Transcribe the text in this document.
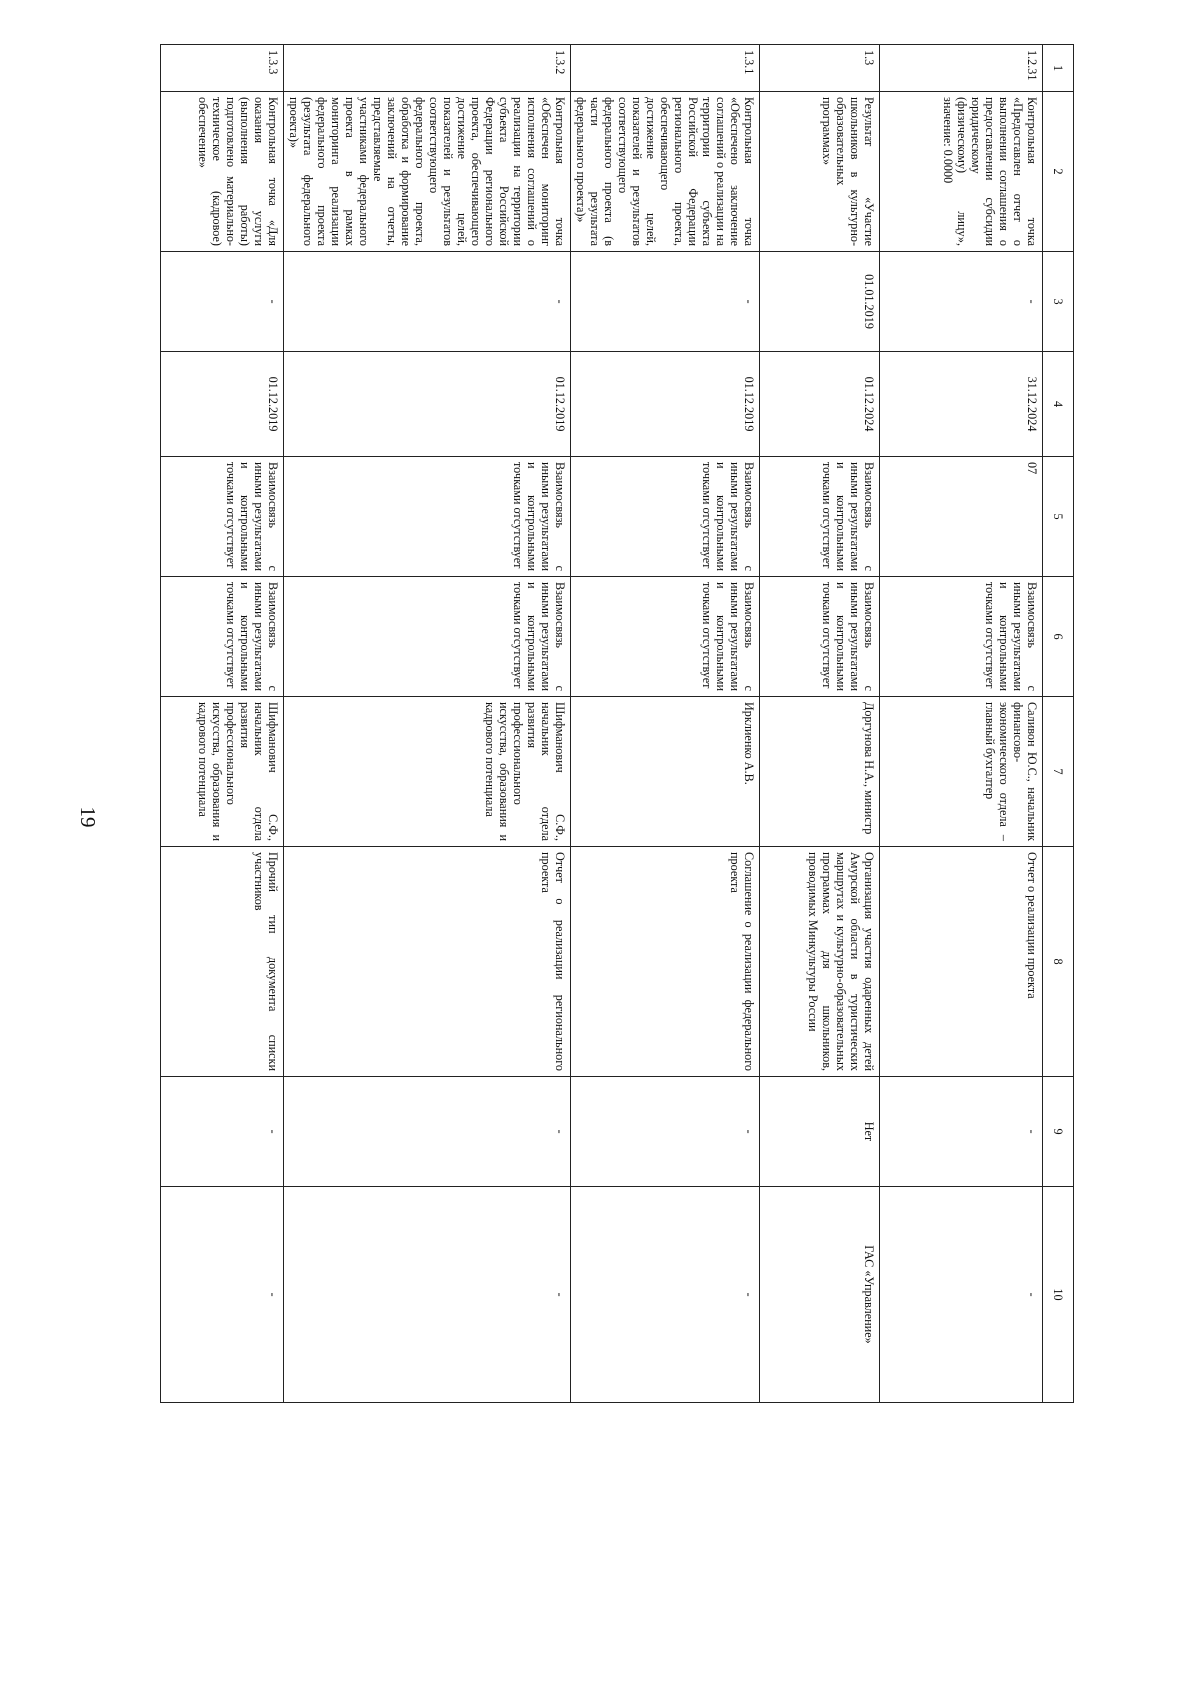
19
1	2	3	4	5	6	7	8	9	10
1.2.31	Контрольная точка «Предоставлен отчет о выполнении соглашения о предоставлении субсидии юридическому (физическому) лицу», значение: 0.0000	-	31.12.2024	07	Взаимосвязь с иными результатами и контрольными точками отсутствует	Саливон Ю.С., начальник финансово-экономического отдела – главный бухгалтер	Отчет о реализации проекта	-	-
1.3	Результат «Участие школьников в культурно-образовательных программах»	01.01.2019	01.12.2024	Взаимосвязь с иными результатами и контрольными точками отсутствует	Взаимосвязь с иными результатами и контрольными точками отсутствует	Доргунова Н.А., министр	Организация участия одаренных детей Амурской области в туристических маршрутах и культурно-образовательных программах для школьников, проводимых Минкультуры России	Нет	ГАС «Управление»
1.3.1	Контрольная точка «Обеспечено заключение соглашений о реализации на территории субъекта Российской Федерации регионального проекта, обеспечивающего достижение целей, показателей и результатов соответствующего федерального проекта (в части результата федерального проекта)»	-	01.12.2019	Взаимосвязь с иными результатами и контрольными точками отсутствует	Взаимосвязь с иными результатами и контрольными точками отсутствует	Ирклиенко А.В.	Соглашение о реализации федерального проекта	-	-
1.3.2	Контрольная точка «Обеспечен мониторинг исполнения соглашений о реализации на территории субъекта Российской Федерации регионального проекта, обеспечивающего достижение целей, показателей и результатов соответствующего федерального проекта, обработка и формирование заключений на отчеты, представляемые участниками федерального проекта в рамках мониторинга реализации федерального проекта (результата федерального проекта)»	-	01.12.2019	Взаимосвязь с иными результатами и контрольными точками отсутствует	Взаимосвязь с иными результатами и контрольными точками отсутствует	Шифманович С.Ф., начальник отдела развития профессионального искусства, образования и кадрового потенциала	Отчет о реализации регионального проекта	-	-
1.3.3	Контрольная точка «Для оказания услуги (выполнения работы) подготовлено материально-техническое (кадровое) обеспечение»	-	01.12.2019	Взаимосвязь с иными результатами и контрольными точками отсутствует	Взаимосвязь с иными результатами и контрольными точками отсутствует	Шифманович С.Ф., начальник отдела развития профессионального искусства, образования и кадрового потенциала	Прочий тип документа списки участников	-	-
